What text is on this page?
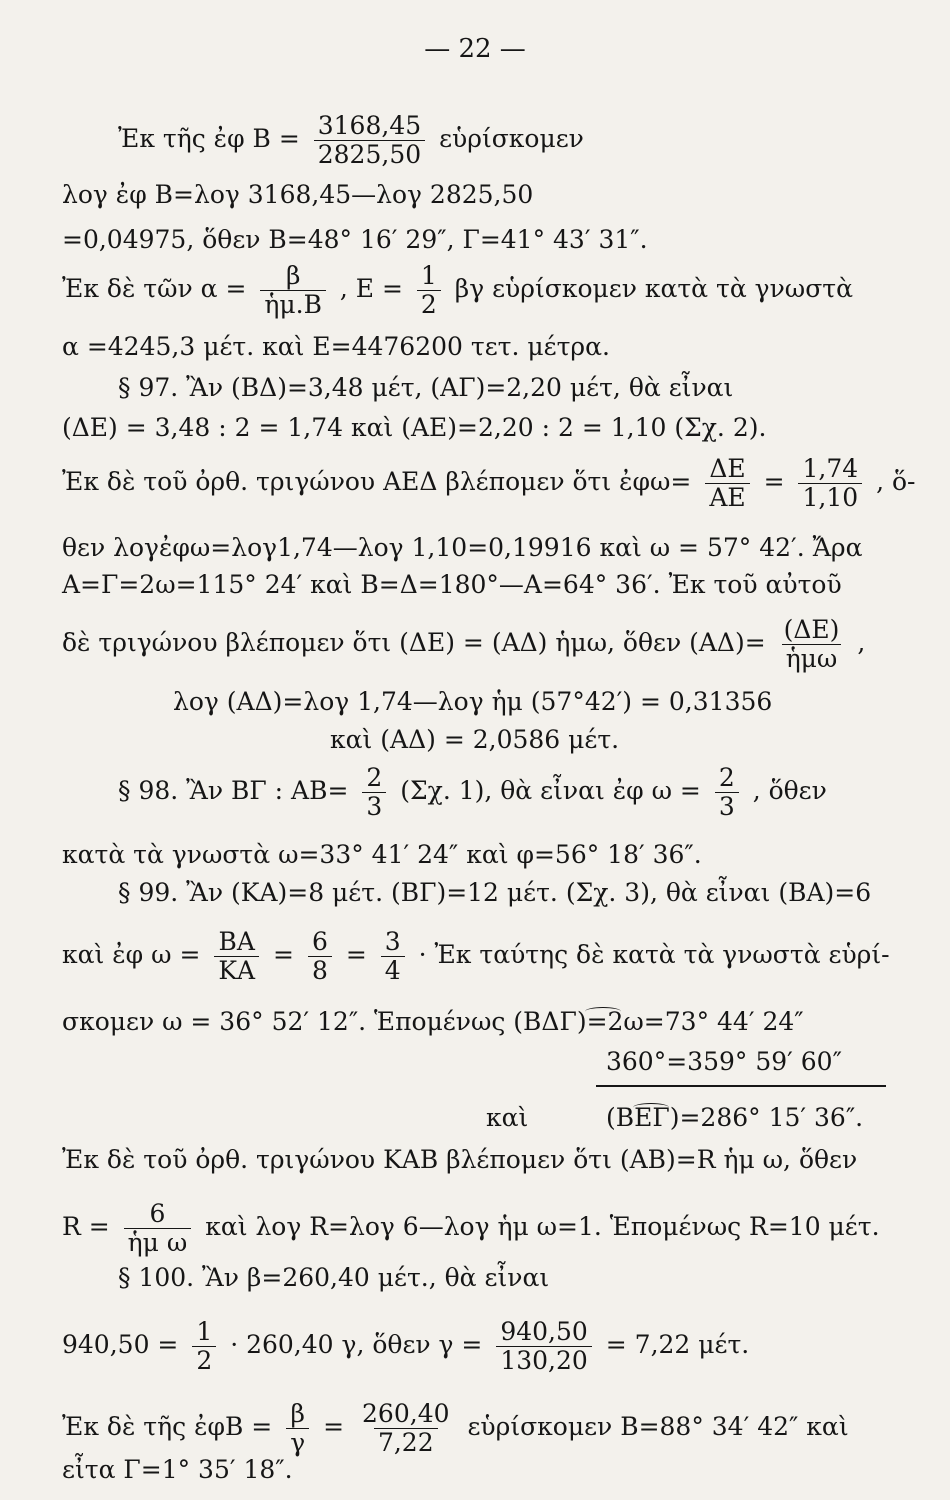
— 22 —
Ἐκ τῆς ἐφ $B = \frac{3168,45}{2825,50}$ εὑρίσκομεν
λογ ἐφ Β=λογ 3168,45—λογ 2825,50
=0,04975, ὅθεν Β=48° 16′ 29″, Γ=41° 43′ 31″.
Ἐκ δὲ τῶν $\alpha = \frac{\beta}{\text{ἡμ.Β}}$ , $E = \frac{1}{2}$ βγ εὑρίσκομεν κατὰ τὰ γνωστὰ
α =4245,3 μέτ. καὶ Ε=4476200 τετ. μέτρα.
§ 97. Ἂν (ΒΔ)=3,48 μέτ, (ΑΓ)=2,20 μέτ, θὰ εἶναι
(ΔΕ) = 3,48 : 2 = 1,74 καὶ (ΑΕ)=2,20 : 2 = 1,10 (Σχ. 2).
Ἐκ δὲ τοῦ ὀρθ. τριγώνου ΑΕΔ βλέπομεν ὅτι ἐφω= $\frac{\Delta E}{AE} = \frac{1,74}{1,10}$ , ὅ-
θεν λογἐφω=λογ1,74—λογ 1,10=0,19916 καὶ ω = 57° 42′. Ἄρα
Α=Γ=2ω=115° 24′ καὶ Β=Δ=180°—Α=64° 36′. Ἐκ τοῦ αὐτοῦ
δὲ τριγώνου βλέπομεν ὅτι (ΔΕ) = (ΑΔ) ἡμω, ὅθεν $(A\Delta)= \frac{(\Delta E)}{\text{ἡμω}}$ ,
λογ (ΑΔ)=λογ 1,74—λογ ἡμ (57°42′) = 0,31356
καὶ (ΑΔ) = 2,0586 μέτ.
§ 98. Ἂν ΒΓ : $AB= \frac{2}{3} (\Sigma\chi$. 1), θὰ εἶναι ἐφ $\omega = \frac{2}{3}$ , ὅθεν
κατὰ τὰ γνωστὰ ω=33° 41′ 24″ καὶ φ=56° 18′ 36″.
§ 99. Ἂν (ΚΑ)=8 μέτ. (ΒΓ)=12 μέτ. (Σχ. 3), θὰ εἶναι (ΒΑ)=6
καὶ ἐφ $\omega = \frac{BA}{KA} = \frac{6}{8} = \frac{3}{4}$ · Ἐκ ταύτης δὲ κατὰ τὰ γνωστὰ εὑρί-
σκομεν ω = 36° 52′ 12″. Ἑπομένως (ΒΔΓ)=2ω=73° 44′ 24″
360°=359° 59′ 60″
καὶ	(ΒΕΓ)=286° 15′ 36″.
Ἐκ δὲ τοῦ ὀρθ. τριγώνου ΚΑΒ βλέπομεν ὅτι (ΑΒ)=R ἡμ ω, ὅθεν
$R = \frac{6}{\text{ἡμ ω}}$ καὶ λογ R=λογ 6—λογ ἡμ ω=1. Ἑπομένως R=10 μέτ.
§ 100. Ἂν β=260,40 μέτ., θὰ εἶναι
$940,50 = \frac{1}{2} \cdot 260,40$ γ, ὅθεν $\gamma = \frac{940,50}{130,20} = 7,22$ μέτ.
Ἐκ δὲ τῆς ἐφΒ = $\frac{\beta}{\gamma} = \frac{260,40}{7,22}$ εὑρίσκομεν Β=88° 34′ 42″ καὶ
εἶτα Γ=1° 35′ 18″.
